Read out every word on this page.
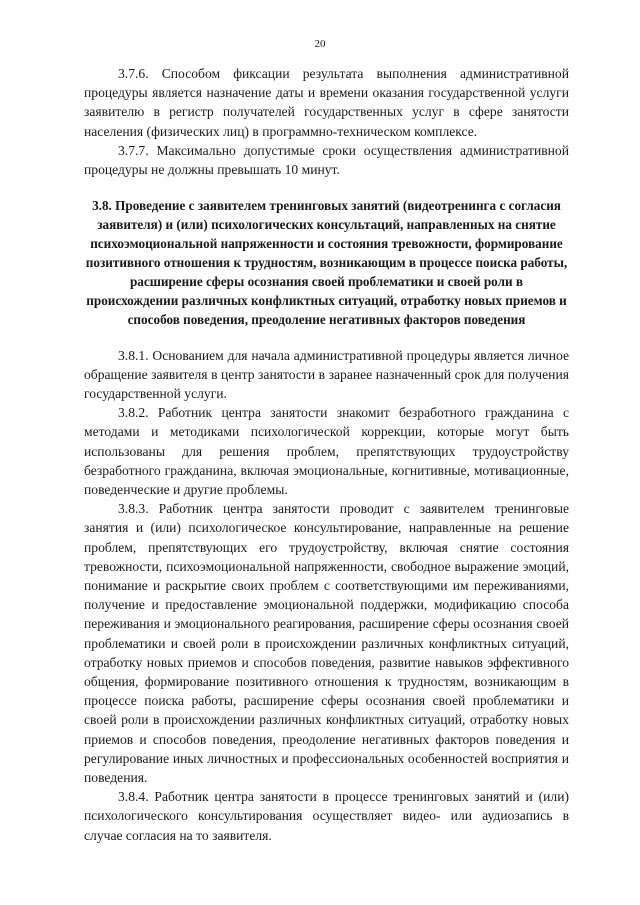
20

3.7.6. Способом фиксации результата выполнения административной процедуры является назначение даты и времени оказания государственной услуги заявителю в регистр получателей государственных услуг в сфере занятости населения (физических лиц) в программно-техническом комплексе.

3.7.7. Максимально допустимые сроки осуществления административной процедуры не должны превышать 10 минут.

3.8. Проведение с заявителем тренинговых занятий (видеотренинга с согласия заявителя) и (или) психологических консультаций, направленных на снятие психоэмоциональной напряженности и состояния тревожности, формирование позитивного отношения к трудностям, возникающим в процессе поиска работы, расширение сферы осознания своей проблематики и своей роли в происхождении различных конфликтных ситуаций, отработку новых приемов и способов поведения, преодоление негативных факторов поведения

3.8.1. Основанием для начала административной процедуры является личное обращение заявителя в центр занятости в заранее назначенный срок для получения государственной услуги.

3.8.2. Работник центра занятости знакомит безработного гражданина с методами и методиками психологической коррекции, которые могут быть использованы для решения проблем, препятствующих трудоустройству безработного гражданина, включая эмоциональные, когнитивные, мотивационные, поведенческие и другие проблемы.

3.8.3. Работник центра занятости проводит с заявителем тренинговые занятия и (или) психологическое консультирование, направленные на решение проблем, препятствующих его трудоустройству, включая снятие состояния тревожности, психоэмоциональной напряженности, свободное выражение эмоций, понимание и раскрытие своих проблем с соответствующими им переживаниями, получение и предоставление эмоциональной поддержки, модификацию способа переживания и эмоционального реагирования, расширение сферы осознания своей проблематики и своей роли в происхождении различных конфликтных ситуаций, отработку новых приемов и способов поведения, развитие навыков эффективного общения, формирование позитивного отношения к трудностям, возникающим в процессе поиска работы, расширение сферы осознания своей проблематики и своей роли в происхождении различных конфликтных ситуаций, отработку новых приемов и способов поведения, преодоление негативных факторов поведения и регулирование иных личностных и профессиональных особенностей восприятия и поведения.

3.8.4. Работник центра занятости в процессе тренинговых занятий и (или) психологического консультирования осуществляет видео- или аудиозапись в случае согласия на то заявителя.
